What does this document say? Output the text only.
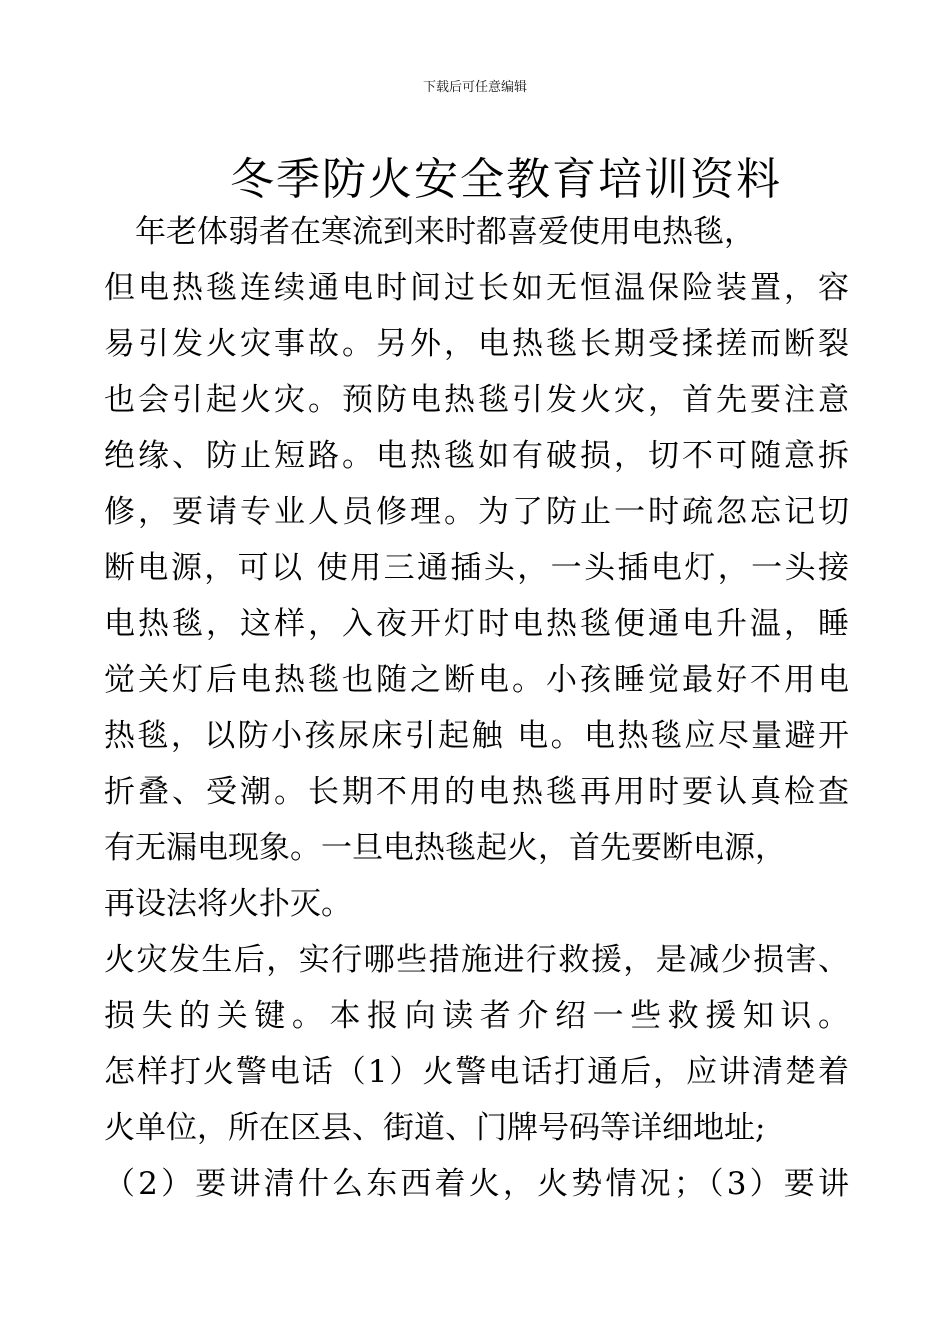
下载后可任意编辑
冬季防火安全教育培训资料
　年老体弱者在寒流到来时都喜爱使用电热毯，
但电热毯连续通电时间过长如无恒温保险装置，容
易引发火灾事故。另外，电热毯长期受揉搓而断裂
也会引起火灾。预防电热毯引发火灾，首先要注意
绝缘、防止短路。电热毯如有破损，切不可随意拆
修，要请专业人员修理。为了防止一时疏忽忘记切
断电源，可以 使用三通插头，一头插电灯，一头接
电热毯，这样，入夜开灯时电热毯便通电升温，睡
觉关灯后电热毯也随之断电。小孩睡觉最好不用电
热毯，以防小孩尿床引起触 电。电热毯应尽量避开
折叠、受潮。长期不用的电热毯再用时要认真检查
有无漏电现象。一旦电热毯起火，首先要断电源，
再设法将火扑灭。
火灾发生后，实行哪些措施进行救援，是减少损害、
损失的关键。本报向读者介绍一些救援知识。
怎样打火警电话（1）火警电话打通后，应讲清楚着
火单位，所在区县、街道、门牌号码等详细地址;
（2）要讲清什么东西着火，火势情况；（3）要讲
